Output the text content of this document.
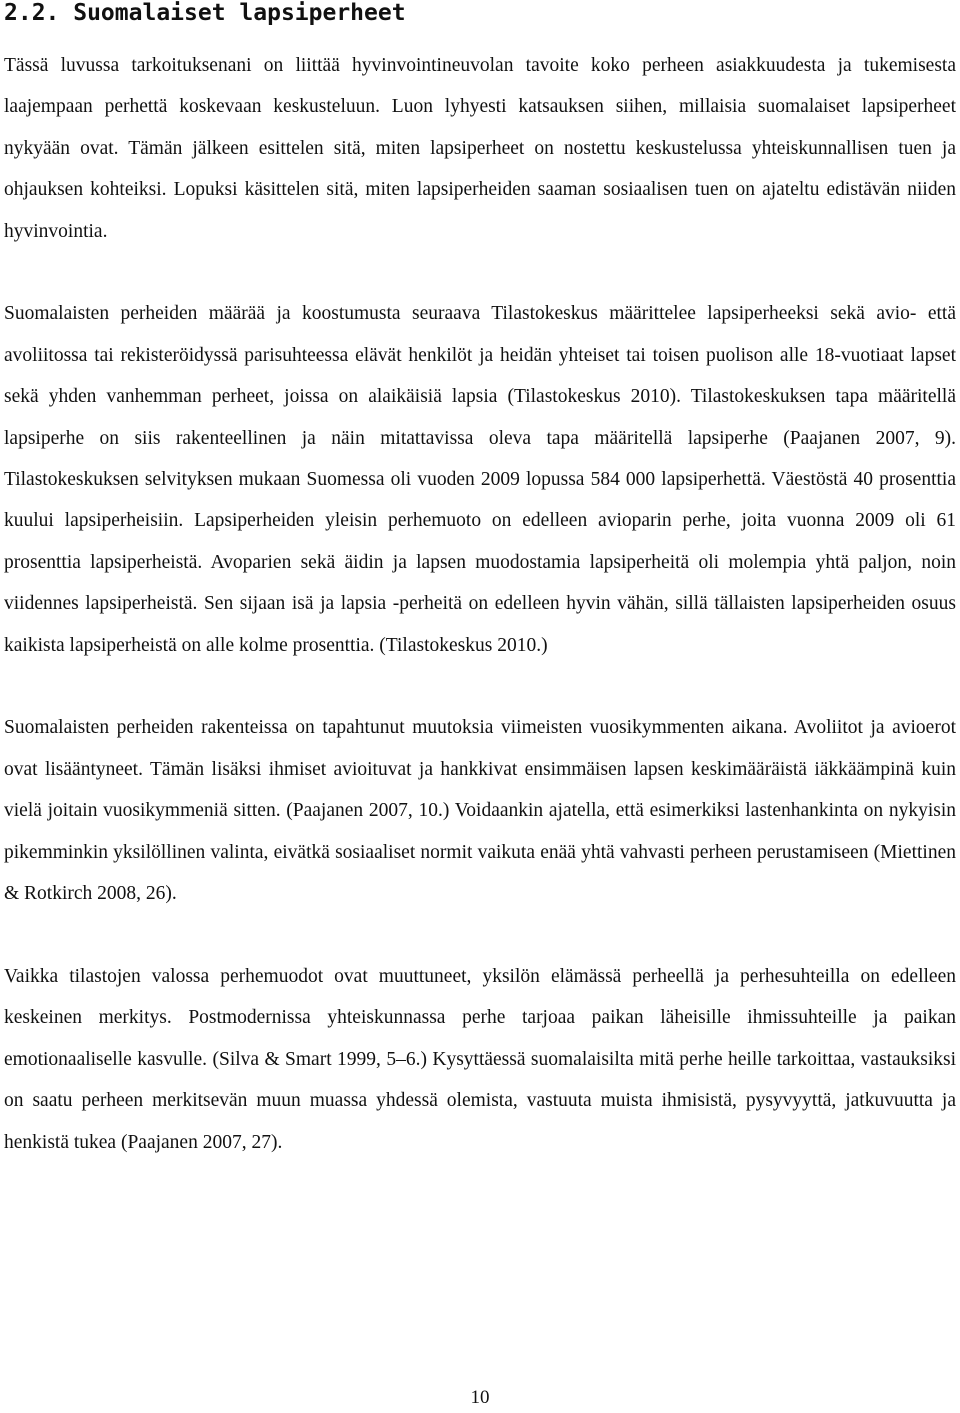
2.2. Suomalaiset lapsiperheet

Tässä luvussa tarkoituksenani on liittää hyvinvointineuvolan tavoite koko perheen asiakkuudesta ja tukemisesta laajempaan perhettä koskevaan keskusteluun. Luon lyhyesti katsauksen siihen, millaisia suomalaiset lapsiperheet nykyään ovat. Tämän jälkeen esittelen sitä, miten lapsiperheet on nostettu keskustelussa yhteiskunnallisen tuen ja ohjauksen kohteiksi. Lopuksi käsittelen sitä, miten lapsiperheiden saaman sosiaalisen tuen on ajateltu edistävän niiden hyvinvointia.

Suomalaisten perheiden määrää ja koostumusta seuraava Tilastokeskus määrittelee lapsiperheeksi sekä avio- että avoliitossa tai rekisteröidyssä parisuhteessa elävät henkilöt ja heidän yhteiset tai toisen puolison alle 18-vuotiaat lapset sekä yhden vanhemman perheet, joissa on alaikäisiä lapsia (Tilastokeskus 2010). Tilastokeskuksen tapa määritellä lapsiperhe on siis rakenteellinen ja näin mitattavissa oleva tapa määritellä lapsiperhe (Paajanen 2007, 9). Tilastokeskuksen selvityksen mukaan Suomessa oli vuoden 2009 lopussa 584 000 lapsiperhettä. Väestöstä 40 prosenttia kuului lapsiperheisiin. Lapsiperheiden yleisin perhemuoto on edelleen avioparin perhe, joita vuonna 2009 oli 61 prosenttia lapsiperheistä. Avoparien sekä äidin ja lapsen muodostamia lapsiperheitä oli molempia yhtä paljon, noin viidennes lapsiperheistä. Sen sijaan isä ja lapsia -perheitä on edelleen hyvin vähän, sillä tällaisten lapsiperheiden osuus kaikista lapsiperheistä on alle kolme prosenttia. (Tilastokeskus 2010.)

Suomalaisten perheiden rakenteissa on tapahtunut muutoksia viimeisten vuosikymmenten aikana. Avoliitot ja avioerot ovat lisääntyneet. Tämän lisäksi ihmiset avioituvat ja hankkivat ensimmäisen lapsen keskimääräistä iäkkäämpinä kuin vielä joitain vuosikymmeniä sitten. (Paajanen 2007, 10.) Voidaankin ajatella, että esimerkiksi lastenhankinta on nykyisin pikemminkin yksilöllinen valinta, eivätkä sosiaaliset normit vaikuta enää yhtä vahvasti perheen perustamiseen (Miettinen & Rotkirch 2008, 26).

Vaikka tilastojen valossa perhemuodot ovat muuttuneet, yksilön elämässä perheellä ja perhesuhteilla on edelleen keskeinen merkitys. Postmodernissa yhteiskunnassa perhe tarjoaa paikan läheisille ihmissuhteille ja paikan emotionaaliselle kasvulle. (Silva & Smart 1999, 5–6.) Kysyttäessä suomalaisilta mitä perhe heille tarkoittaa, vastauksiksi on saatu perheen merkitsevän muun muassa yhdessä olemista, vastuuta muista ihmisistä, pysyvyyttä, jatkuvuutta ja henkistä tukea (Paajanen 2007, 27).

10
